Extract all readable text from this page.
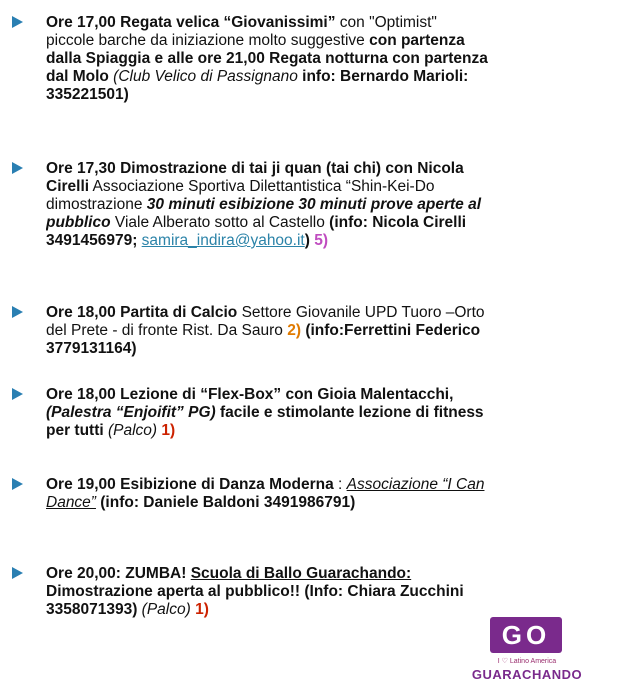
Ore 17,00 Regata velica “Giovanissimi” con "Optimist"
piccole barche da iniziazione molto suggestive con partenza
dalla Spiaggia e alle ore 21,00 Regata notturna con partenza
dal Molo (Club Velico di Passignano info: Bernardo Marioli:
335221501)
Ore 17,30 Dimostrazione di tai ji quan (tai chi) con Nicola
Cirelli Associazione Sportiva Dilettantistica “Shin-Kei-Do
dimostrazione 30 minuti esibizione 30 minuti prove aperte al
pubblico Viale Alberato sotto al Castello (info: Nicola Cirelli
3491456979; samira_indira@yahoo.it) 5)
Ore 18,00 Partita di Calcio Settore Giovanile UPD Tuoro –Orto
del Prete - di fronte Rist. Da Sauro 2) (info:Ferrettini Federico
3779131164)
Ore 18,00 Lezione di “Flex-Box” con Gioia Malentacchi,
(Palestra “Enjoifit” PG) facile e stimolante lezione di fitness
per tutti (Palco) 1)
Ore 19,00 Esibizione di Danza Moderna : Associazione “I Can
Dance” (info: Daniele Baldoni 3491986791)
Ore 20,00: ZUMBA! Scuola di Ballo Guarachando:
Dimostrazione aperta al pubblico!! (Info: Chiara Zucchini
3358071393) (Palco) 1)
GO
I ♡ Latino America
GUARACHANDO
